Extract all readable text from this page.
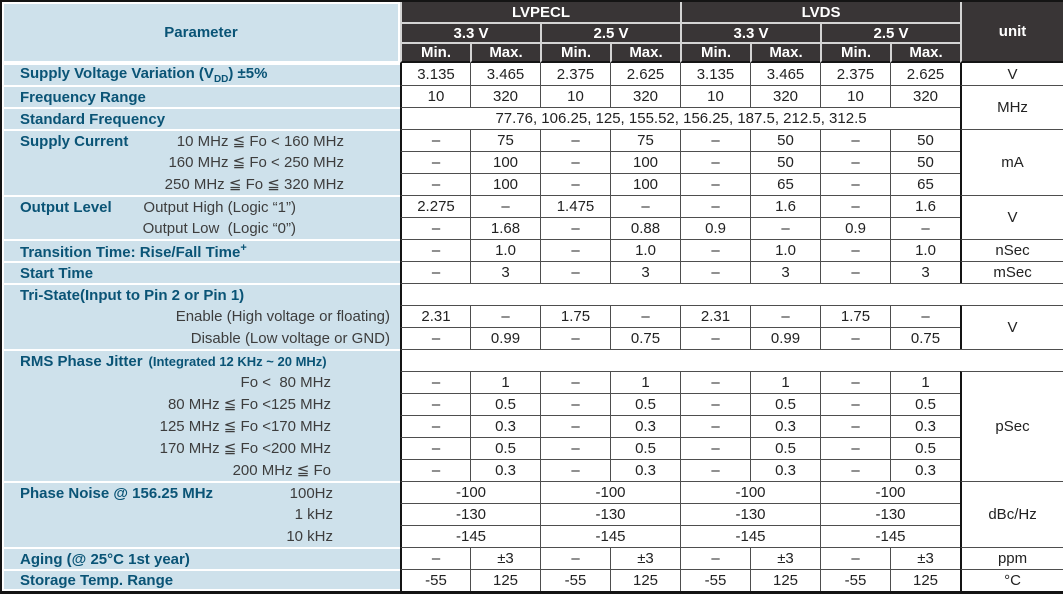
Parameter	LVPECL				LVDS				unit
	3.3 V		2.5 V		3.3 V		2.5 V		
	Min.	Max.	Min.	Max.	Min.	Max.	Min.	Max.	

Supply Voltage Variation $(V_{DD}) \pm 5\%$	3.135	3.465	2.375	2.625	3.135	3.465	2.375	2.625	V

Frequency Range	10	320	10	320	10	320	10	320	MHz

Standard Frequency	77.76, 106.25, 125, 155.52, 156.25, 187.5, 212.5, 312.5								

Supply Current 10 MHz ≦ Fo < 160 MHz	–	75	–	75	–	50	–	50	mA

160 MHz ≦ Fo < 250 MHz	–	100	–	100	–	50	–	50	

250 MHz ≦ Fo ≦ 320 MHz	–	100	–	100	–	65	–	65	

Output Level Output High (Logic “1”)	2.275	–	1.475	–	–	1.6	–	1.6	V

Output Low  (Logic “0”)	–	1.68	–	0.88	0.9	–	0.9	–	

Transition Time: Rise/Fall Time+	–	1.0	–	1.0	–	1.0	–	1.0	nSec

Start Time	–	3	–	3	–	3	–	3	mSec

Tri-State(Input to Pin 2 or Pin 1)									

Enable (High voltage or floating)	2.31	–	1.75	–	2.31	–	1.75	–	V

Disable (Low voltage or GND)	–	0.99	–	0.75	–	0.99	–	0.75	

RMS Phase Jitter (Integrated 12 KHz ~ 20 MHz)									

Fo <  80 MHz	–	1	–	1	–	1	–	1	pSec

80 MHz ≦ Fo <125 MHz	–	0.5	–	0.5	–	0.5	–	0.5	

125 MHz ≦ Fo <170 MHz	–	0.3	–	0.3	–	0.3	–	0.3	

170 MHz ≦ Fo <200 MHz	–	0.5	–	0.5	–	0.5	–	0.5	

200 MHz ≦ Fo	–	0.3	–	0.3	–	0.3	–	0.3	

Phase Noise @ 156.25 MHz 100Hz	-100		-100		-100		-100		dBc/Hz

1 kHz	-130		-130		-130		-130		

10 kHz	-145		-145		-145		-145		

Aging (@ 25°C 1st year)	–	±3	–	±3	–	±3	–	±3	ppm

Storage Temp. Range	-55	125	-55	125	-55	125	-55	125	°C
